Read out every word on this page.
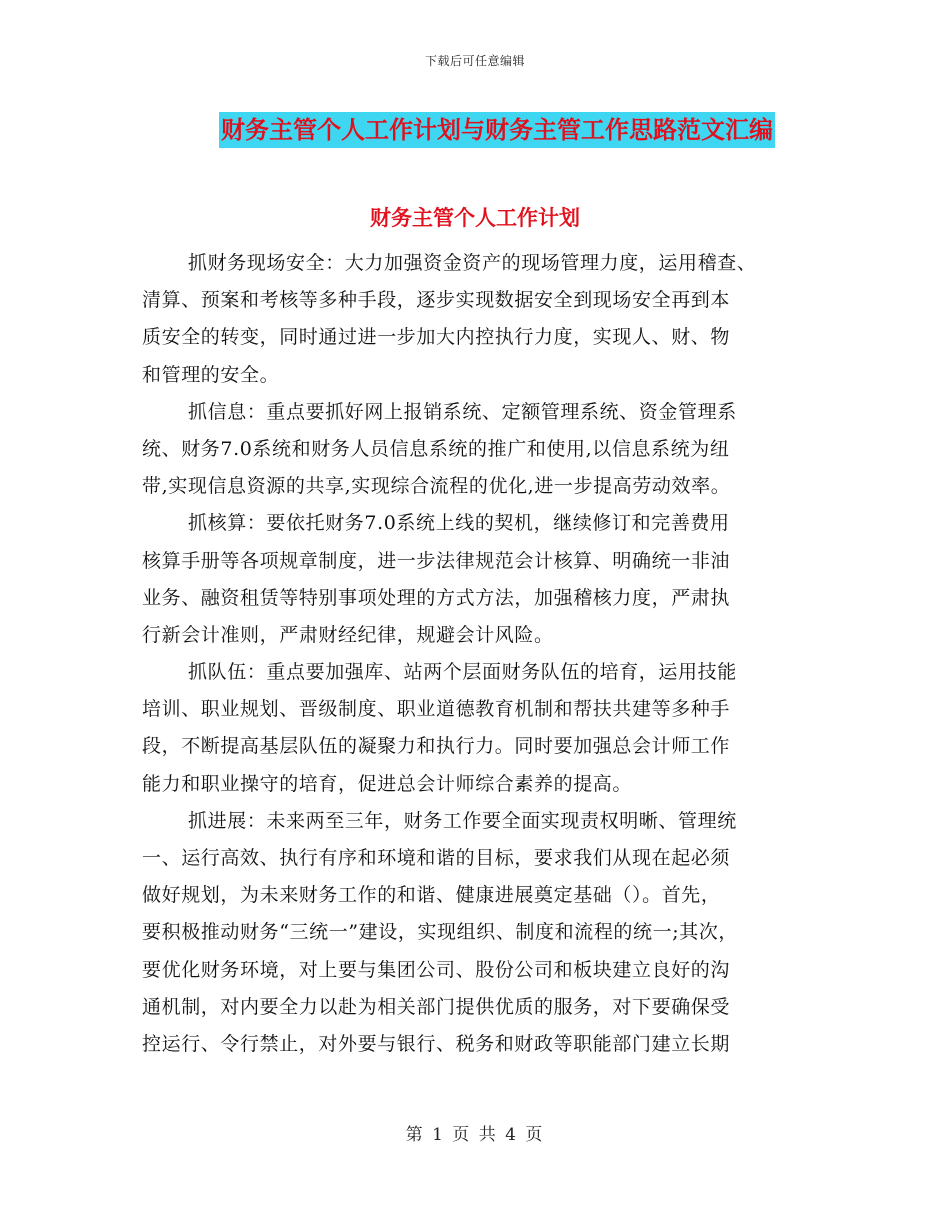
下载后可任意编辑
财务主管个人工作计划与财务主管工作思路范文汇编
财务主管个人工作计划
抓财务现场安全：大力加强资金资产的现场管理力度，运用稽查、
清算、预案和考核等多种手段，逐步实现数据安全到现场安全再到本
质安全的转变，同时通过进一步加大内控执行力度，实现人、财、物
和管理的安全。
抓信息：重点要抓好网上报销系统、定额管理系统、资金管理系
统、财务7.0系统和财务人员信息系统的推广和使用,以信息系统为纽
带,实现信息资源的共享,实现综合流程的优化,进一步提高劳动效率。
抓核算：要依托财务7.0系统上线的契机，继续修订和完善费用
核算手册等各项规章制度，进一步法律规范会计核算、明确统一非油
业务、融资租赁等特别事项处理的方式方法，加强稽核力度，严肃执
行新会计准则，严肃财经纪律，规避会计风险。
抓队伍：重点要加强库、站两个层面财务队伍的培育，运用技能
培训、职业规划、晋级制度、职业道德教育机制和帮扶共建等多种手
段，不断提高基层队伍的凝聚力和执行力。同时要加强总会计师工作
能力和职业操守的培育，促进总会计师综合素养的提高。
抓进展：未来两至三年，财务工作要全面实现责权明晰、管理统
一、运行高效、执行有序和环境和谐的目标，要求我们从现在起必须
做好规划，为未来财务工作的和谐、健康进展奠定基础（）。首先，
要积极推动财务“三统一”建设，实现组织、制度和流程的统一;其次，
要优化财务环境，对上要与集团公司、股份公司和板块建立良好的沟
通机制，对内要全力以赴为相关部门提供优质的服务，对下要确保受
控运行、令行禁止，对外要与银行、税务和财政等职能部门建立长期
第 1 页 共 4 页
